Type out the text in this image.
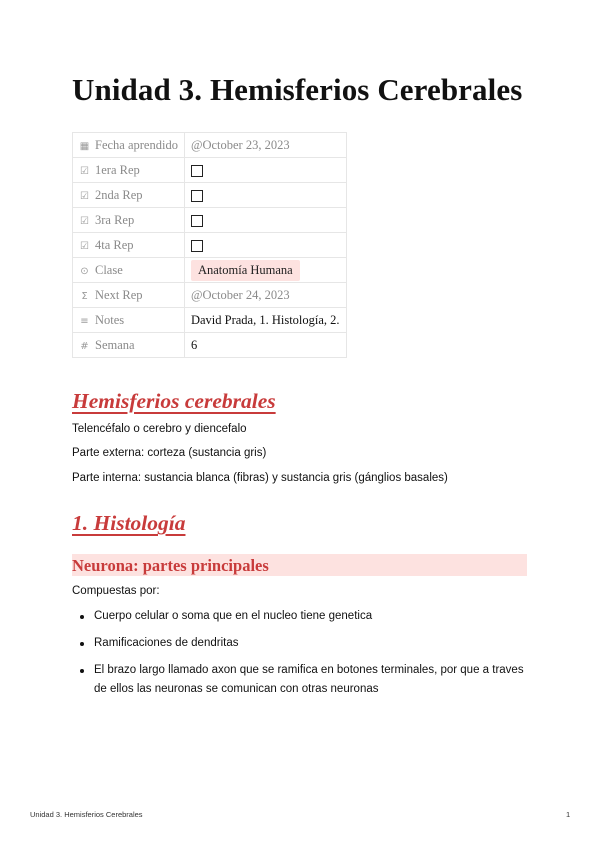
Unidad 3. Hemisferios Cerebrales
▦ Fecha aprendido	@October 23, 2023
☑ 1era Rep	
☑ 2nda Rep	
☑ 3ra Rep	
☑ 4ta Rep	
⊙ Clase	Anatomía Humana
Σ Next Rep	@October 24, 2023
≡ Notes	David Prada, 1. Histología, 2.
# Semana	6
Hemisferios cerebrales

Telencéfalo o cerebro y diencefalo

Parte externa: corteza (sustancia gris)

Parte interna: sustancia blanca (fibras) y sustancia gris (gánglios basales)

1. Histología
Neurona: partes principales

Compuestas por:

Cuerpo celular o soma que en el nucleo tiene genetica
Ramificaciones de dendritas
El brazo largo llamado axon que se ramifica en botones terminales, por que a traves de ellos las neuronas se comunican con otras neuronas
Unidad 3. Hemisferios Cerebrales	1
